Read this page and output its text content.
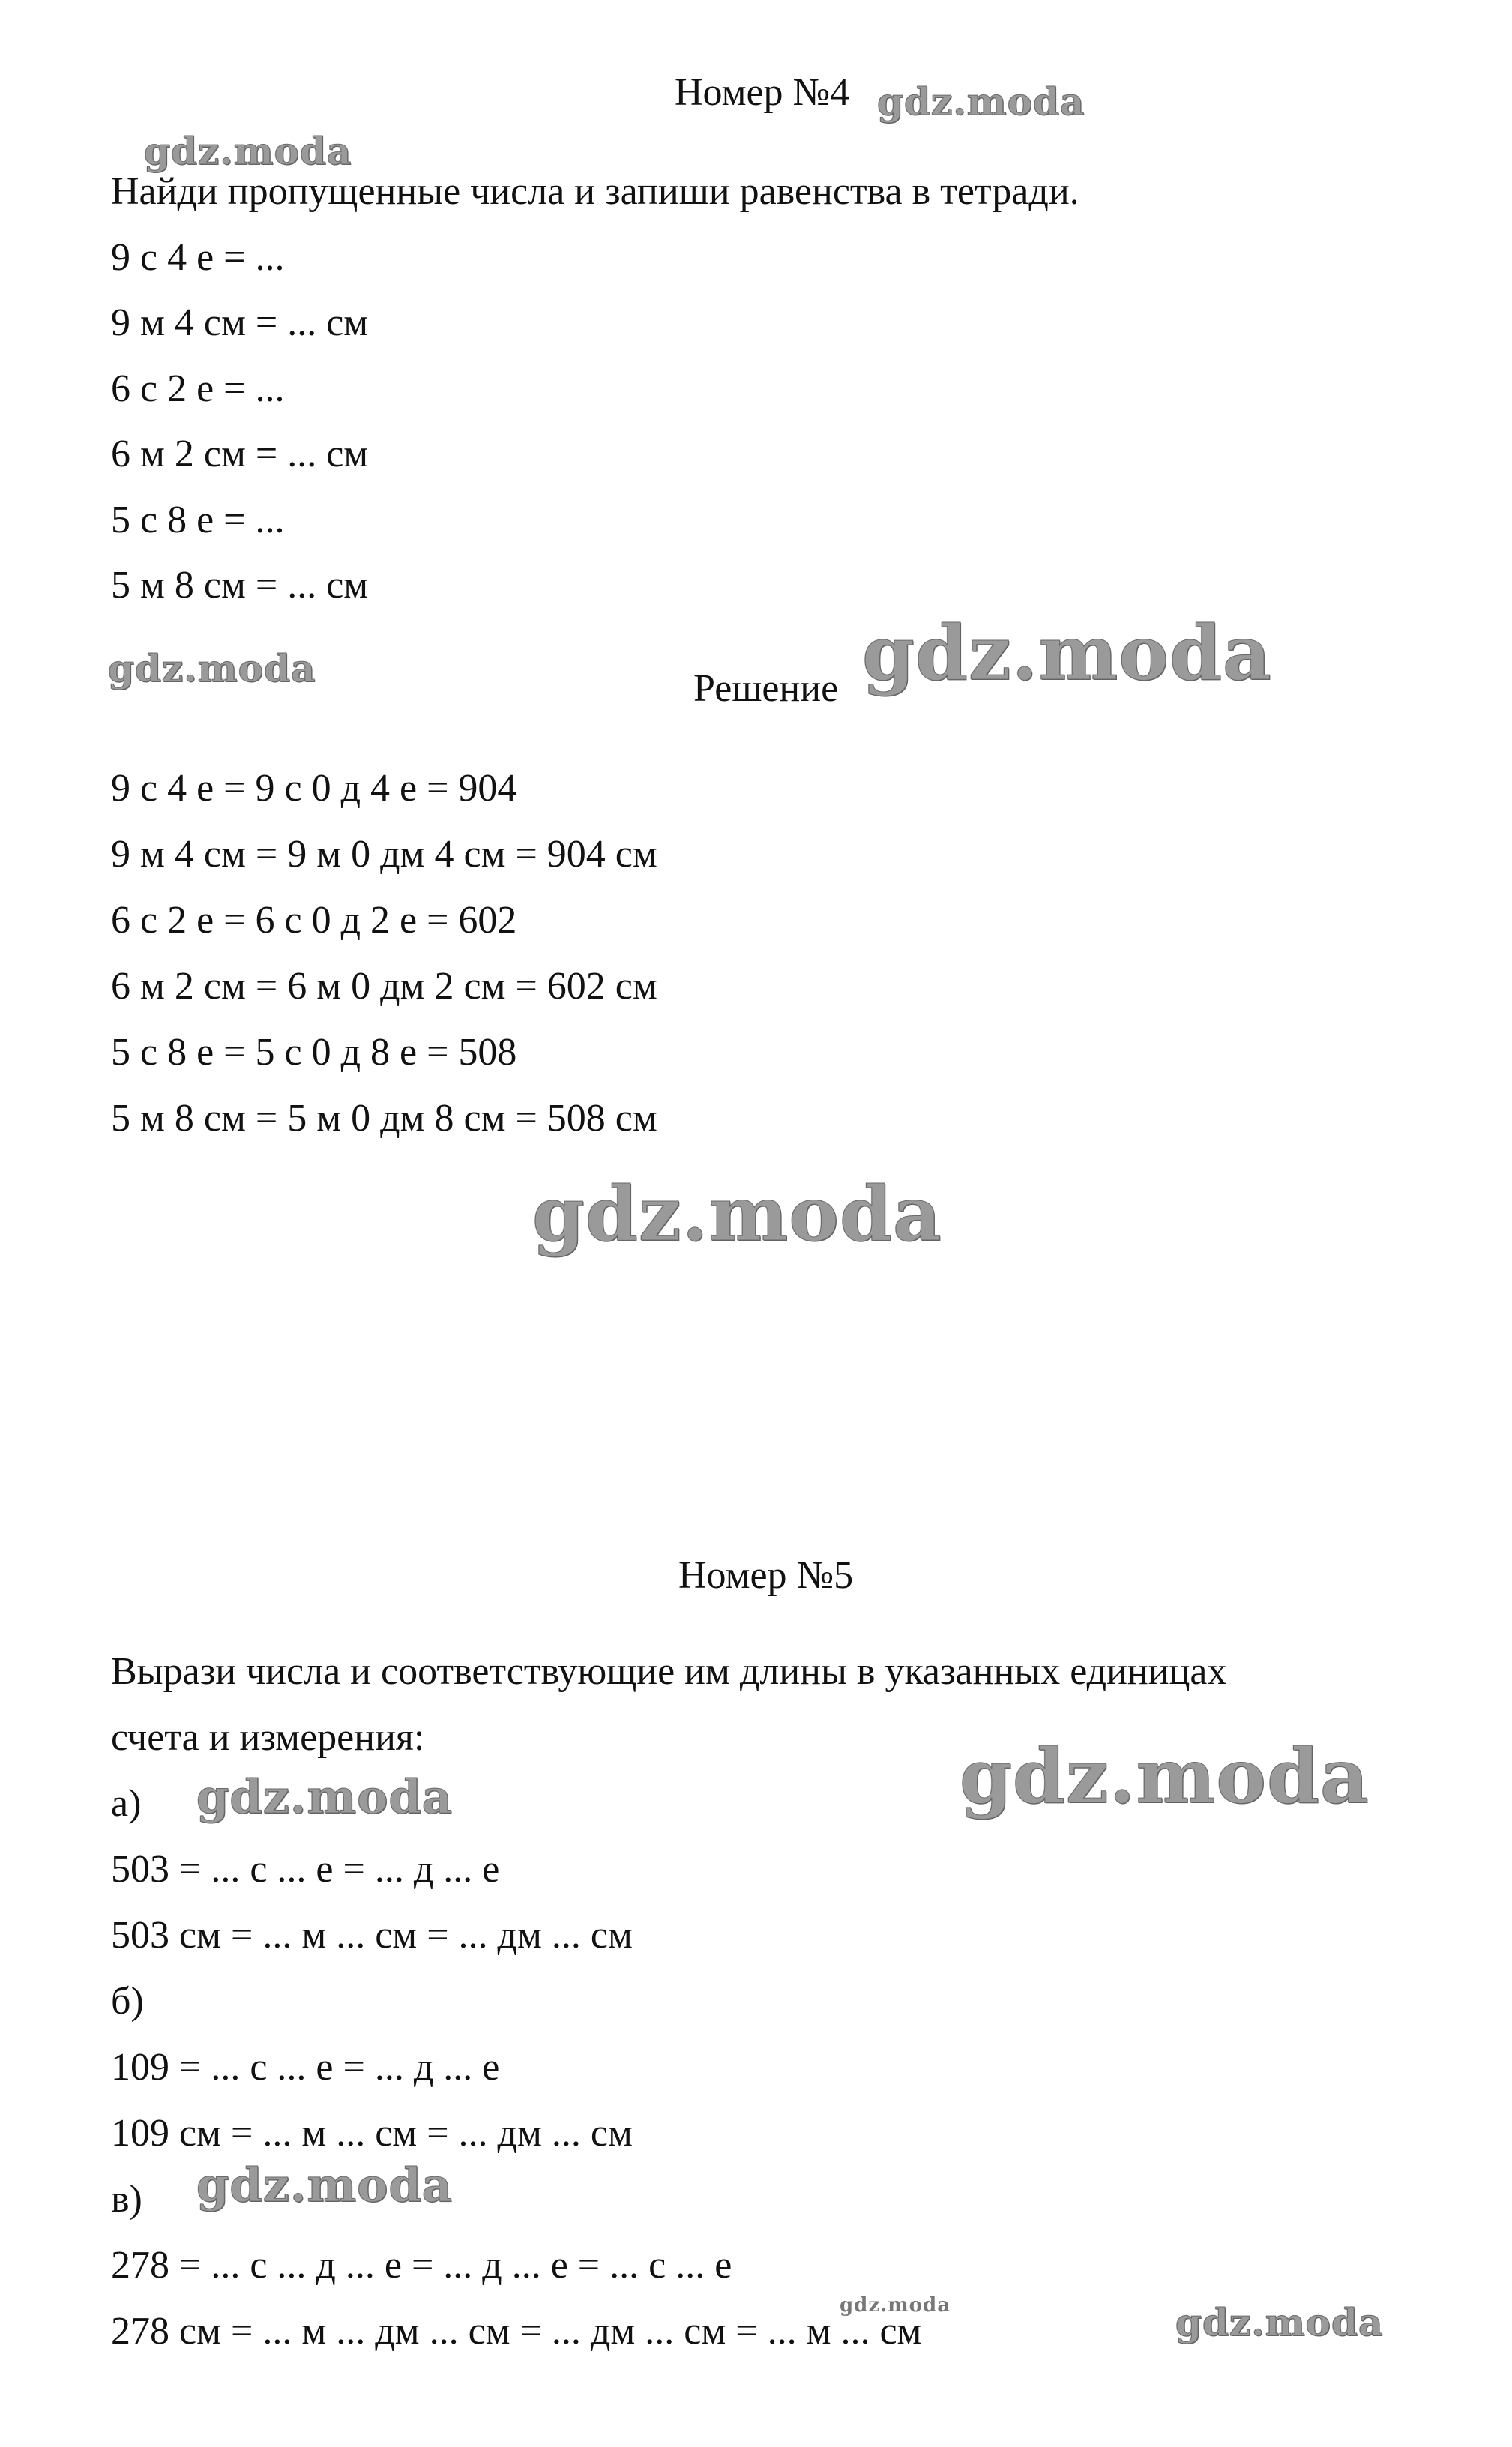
Номер №4
Найди пропущенные числа и запиши равенства в тетради.
9 с 4 е = ...
9 м 4 см = ... см
6 с 2 е = ...
6 м 2 см = ... см
5 с 8 е = ...
5 м 8 см = ... см
Решение
9 с 4 е = 9 с 0 д 4 е = 904
9 м 4 см = 9 м 0 дм 4 см = 904 см
6 с 2 е = 6 с 0 д 2 е = 602
6 м 2 см = 6 м 0 дм 2 см = 602 см
5 с 8 е = 5 с 0 д 8 е = 508
5 м 8 см = 5 м 0 дм 8 см = 508 см
Номер №5
Вырази числа и соответствующие им длины в указанных единицах
счета и измерения:
а)
503 = ... с ... е = ... д ... е
503 см = ... м ... см = ... дм ... см
б)
109 = ... с ... е = ... д ... е
109 см = ... м ... см = ... дм ... см
в)
278 = ... с ... д ... е = ... д ... е = ... с ... е
278 см = ... м ... дм ... см = ... дм ... см = ... м ... см
gdz.moda
gdz.moda
gdz.moda	gdz.moda
gdz.moda
gdz.moda	gdz.moda
gdz.moda
gdz.moda	gdz.moda
